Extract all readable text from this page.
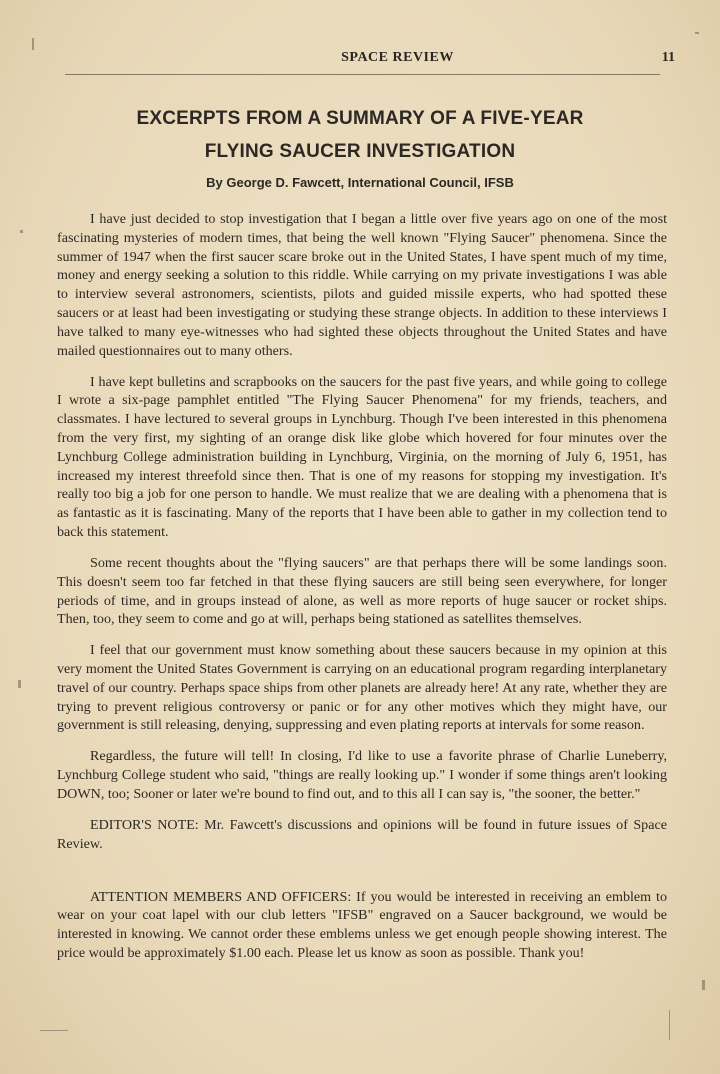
SPACE REVIEW	11
EXCERPTS FROM A SUMMARY OF A FIVE-YEAR
FLYING SAUCER INVESTIGATION
By George D. Fawcett, International Council, IFSB

I have just decided to stop investigation that I began a little over five years ago on one of the most fascinating mysteries of modern times, that being the well known "Flying Saucer" phenomena. Since the summer of 1947 when the first saucer scare broke out in the United States, I have spent much of my time, money and energy seeking a solution to this riddle. While carrying on my private investigations I was able to interview several astronomers, scientists, pilots and guided missile experts, who had spotted these saucers or at least had been investigating or studying these strange objects. In addition to these interviews I have talked to many eye-witnesses who had sighted these objects throughout the United States and have mailed questionnaires out to many others.

I have kept bulletins and scrapbooks on the saucers for the past five years, and while going to college I wrote a six-page pamphlet entitled "The Flying Saucer Phenomena" for my friends, teachers, and classmates. I have lectured to several groups in Lynchburg. Though I've been interested in this phenomena from the very first, my sighting of an orange disk like globe which hovered for four minutes over the Lynchburg College administration building in Lynchburg, Virginia, on the morning of July 6, 1951, has increased my interest threefold since then. That is one of my reasons for stopping my investigation. It's really too big a job for one person to handle. We must realize that we are dealing with a phenomena that is as fantastic as it is fascinating. Many of the reports that I have been able to gather in my collection tend to back this statement.

Some recent thoughts about the "flying saucers" are that perhaps there will be some landings soon. This doesn't seem too far fetched in that these flying saucers are still being seen everywhere, for longer periods of time, and in groups instead of alone, as well as more reports of huge saucer or rocket ships. Then, too, they seem to come and go at will, perhaps being stationed as satellites themselves.

I feel that our government must know something about these saucers because in my opinion at this very moment the United States Government is carrying on an educational program regarding interplanetary travel of our country. Perhaps space ships from other planets are already here! At any rate, whether they are trying to prevent religious controversy or panic or for any other motives which they might have, our government is still releasing, denying, suppressing and even plating reports at intervals for some reason.

Regardless, the future will tell! In closing, I'd like to use a favorite phrase of Charlie Luneberry, Lynchburg College student who said, "things are really looking up." I wonder if some things aren't looking DOWN, too; Sooner or later we're bound to find out, and to this all I can say is, "the sooner, the better."

EDITOR'S NOTE: Mr. Fawcett's discussions and opinions will be found in future issues of Space Review.

ATTENTION MEMBERS AND OFFICERS: If you would be interested in receiving an emblem to wear on your coat lapel with our club letters "IFSB" engraved on a Saucer background, we would be interested in knowing. We cannot order these emblems unless we get enough people showing interest. The price would be approximately $1.00 each. Please let us know as soon as possible. Thank you!
